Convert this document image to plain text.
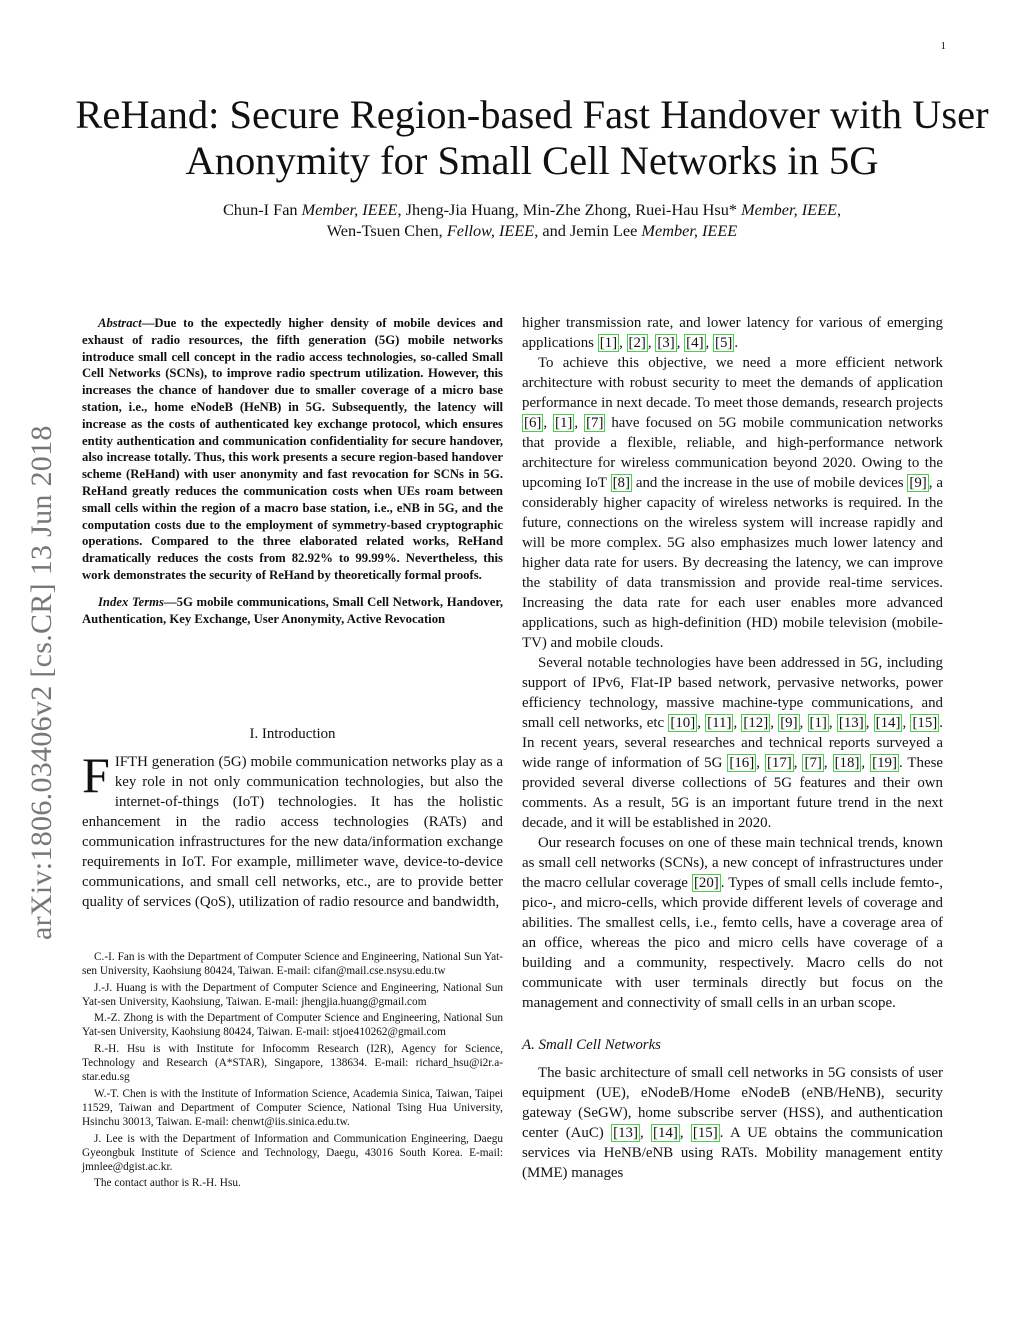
1
arXiv:1806.03406v2 [cs.CR] 13 Jun 2018
ReHand: Secure Region-based Fast Handover with User Anonymity for Small Cell Networks in 5G
Chun-I Fan Member, IEEE, Jheng-Jia Huang, Min-Zhe Zhong, Ruei-Hau Hsu* Member, IEEE,
Wen-Tsuen Chen, Fellow, IEEE, and Jemin Lee Member, IEEE

Abstract—Due to the expectedly higher density of mobile devices and exhaust of radio resources, the fifth generation (5G) mobile networks introduce small cell concept in the radio access technologies, so-called Small Cell Networks (SCNs), to improve radio spectrum utilization. However, this increases the chance of handover due to smaller coverage of a micro base station, i.e., home eNodeB (HeNB) in 5G. Subsequently, the latency will increase as the costs of authenticated key exchange protocol, which ensures entity authentication and communication confidentiality for secure handover, also increase totally. Thus, this work presents a secure region-based handover scheme (ReHand) with user anonymity and fast revocation for SCNs in 5G. ReHand greatly reduces the communication costs when UEs roam between small cells within the region of a macro base station, i.e., eNB in 5G, and the computation costs due to the employment of symmetry-based cryptographic operations. Compared to the three elaborated related works, ReHand dramatically reduces the costs from 82.92% to 99.99%. Nevertheless, this work demonstrates the security of ReHand by theoretically formal proofs.

Index Terms—5G mobile communications, Small Cell Network, Handover, Authentication, Key Exchange, User Anonymity, Active Revocation

I. Introduction

FIFTH generation (5G) mobile communication networks play as a key role in not only communication technologies, but also the internet-of-things (IoT) technologies. It has the holistic enhancement in the radio access technologies (RATs) and communication infrastructures for the new data/information exchange requirements in IoT. For example, millimeter wave, device-to-device communications, and small cell networks, etc., are to provide better quality of services (QoS), utilization of radio resource and bandwidth,

C.-I. Fan is with the Department of Computer Science and Engineering, National Sun Yat-sen University, Kaohsiung 80424, Taiwan. E-mail: cifan@mail.cse.nsysu.edu.tw

J.-J. Huang is with the Department of Computer Science and Engineering, National Sun Yat-sen University, Kaohsiung, Taiwan. E-mail: jhengjia.huang@gmail.com

M.-Z. Zhong is with the Department of Computer Science and Engineering, National Sun Yat-sen University, Kaohsiung 80424, Taiwan. E-mail: stjoe410262@gmail.com

R.-H. Hsu is with Institute for Infocomm Research (I2R), Agency for Science, Technology and Research (A*STAR), Singapore, 138634. E-mail: richard_hsu@i2r.a-star.edu.sg

W.-T. Chen is with the Institute of Information Science, Academia Sinica, Taiwan, Taipei 11529, Taiwan and Department of Computer Science, National Tsing Hua University, Hsinchu 30013, Taiwan. E-mail: chenwt@iis.sinica.edu.tw.

J. Lee is with the Department of Information and Communication Engineering, Daegu Gyeongbuk Institute of Science and Technology, Daegu, 43016 South Korea. E-mail: jmnlee@dgist.ac.kr.

The contact author is R.-H. Hsu.

higher transmission rate, and lower latency for various of emerging applications [1] , [2] , [3] , [4] , [5] .

To achieve this objective, we need a more efficient network architecture with robust security to meet the demands of application performance in next decade. To meet those demands, research projects [6] , [1] , [7] have focused on 5G mobile communication networks that provide a flexible, reliable, and high-performance network architecture for wireless communication beyond 2020. Owing to the upcoming IoT [8] and the increase in the use of mobile devices [9] , a considerably higher capacity of wireless networks is required. In the future, connections on the wireless system will increase rapidly and will be more complex. 5G also emphasizes much lower latency and higher data rate for users. By decreasing the latency, we can improve the stability of data transmission and provide real-time services. Increasing the data rate for each user enables more advanced applications, such as high-definition (HD) mobile television (mobile-TV) and mobile clouds.

Several notable technologies have been addressed in 5G, including support of IPv6, Flat-IP based network, pervasive networks, power efficiency technology, massive machine-type communications, and small cell networks, etc [10] , [11] , [12] , [9] , [1] , [13] , [14] , [15] . In recent years, several researches and technical reports surveyed a wide range of information of 5G [16] , [17] , [7] , [18] , [19] . These provided several diverse collections of 5G features and their own comments. As a result, 5G is an important future trend in the next decade, and it will be established in 2020.

Our research focuses on one of these main technical trends, known as small cell networks (SCNs), a new concept of infrastructures under the macro cellular coverage [20] . Types of small cells include femto-, pico-, and micro-cells, which provide different levels of coverage and abilities. The smallest cells, i.e., femto cells, have a coverage area of an office, whereas the pico and micro cells have coverage of a building and a community, respectively. Macro cells do not communicate with user terminals directly but focus on the management and connectivity of small cells in an urban scope.

A. Small Cell Networks

The basic architecture of small cell networks in 5G consists of user equipment (UE), eNodeB/Home eNodeB (eNB/HeNB), security gateway (SeGW), home subscribe server (HSS), and authentication center (AuC) [13] , [14] , [15] . A UE obtains the communication services via HeNB/eNB using RATs. Mobility management entity (MME) manages
